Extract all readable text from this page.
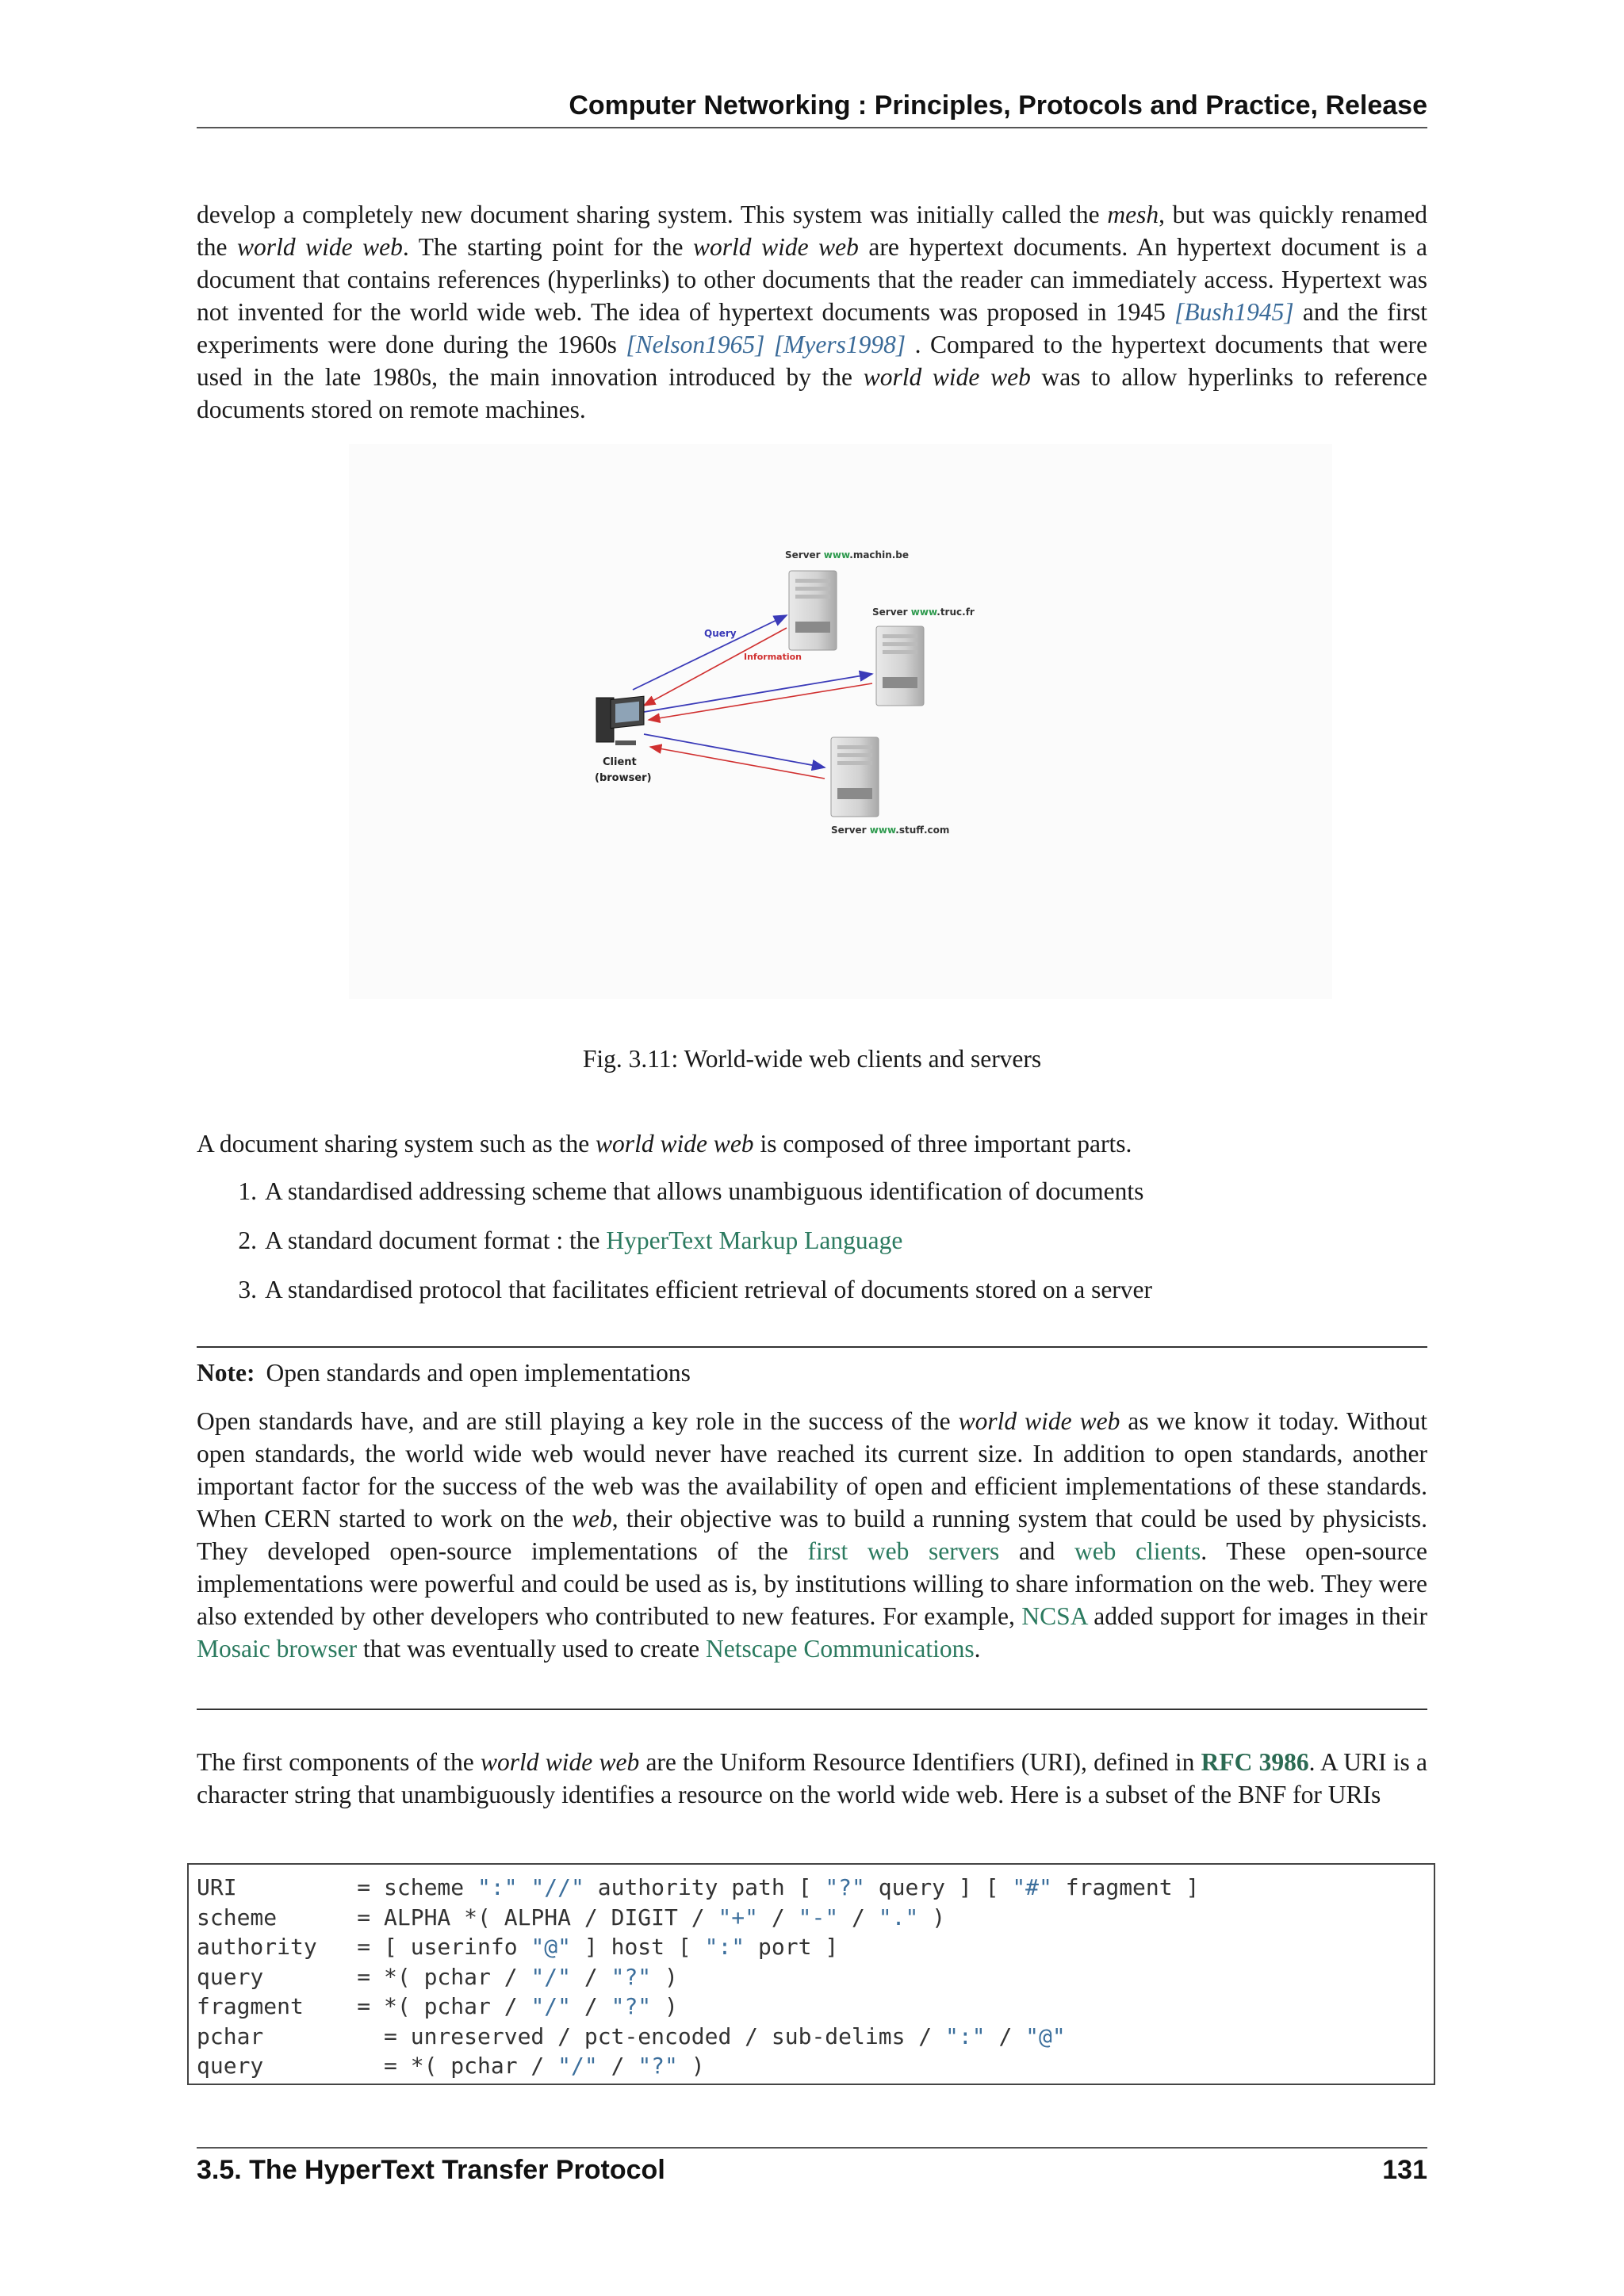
Computer Networking : Principles, Protocols and Practice, Release
develop a completely new document sharing system. This system was initially called the mesh, but was quickly renamed the world wide web. The starting point for the world wide web are hypertext documents. An hypertext document is a document that contains references (hyperlinks) to other documents that the reader can immediately access. Hypertext was not invented for the world wide web. The idea of hypertext documents was proposed in 1945 [Bush1945] and the first experiments were done during the 1960s [Nelson1965] [Myers1998] . Compared to the hypertext documents that were used in the late 1980s, the main innovation introduced by the world wide web was to allow hyperlinks to reference documents stored on remote machines.
Server www.machin.be
Server www.truc.fr
Server www.stuff.com
Query
Information
Client
(browser)
Fig. 3.11: World-wide web clients and servers
A document sharing system such as the world wide web is composed of three important parts.
1. A standardised addressing scheme that allows unambiguous identification of documents
2. A standard document format : the HyperText Markup Language
3. A standardised protocol that facilitates efficient retrieval of documents stored on a server
Note: Open standards and open implementations
Open standards have, and are still playing a key role in the success of the world wide web as we know it today. Without open standards, the world wide web would never have reached its current size. In addition to open standards, another important factor for the success of the web was the availability of open and efficient implementations of these standards. When CERN started to work on the web, their objective was to build a running system that could be used by physicists. They developed open-source implementations of the first web servers and web clients. These open-source implementations were powerful and could be used as is, by institutions willing to share information on the web. They were also extended by other developers who contributed to new features. For example, NCSA added support for images in their Mosaic browser that was eventually used to create Netscape Communications.
The first components of the world wide web are the Uniform Resource Identifiers (URI), defined in RFC 3986. A URI is a character string that unambiguously identifies a resource on the world wide web. Here is a subset of the BNF for URIs
URI         = scheme ":" "//" authority path [ "?" query ] [ "#" fragment ]
scheme      = ALPHA *( ALPHA / DIGIT / "+" / "-" / "." )
authority   = [ userinfo "@" ] host [ ":" port ]
query       = *( pchar / "/" / "?" )
fragment    = *( pchar / "/" / "?" )
pchar         = unreserved / pct-encoded / sub-delims / ":" / "@"
query         = *( pchar / "/" / "?" )
3.5. The HyperText Transfer Protocol	131
